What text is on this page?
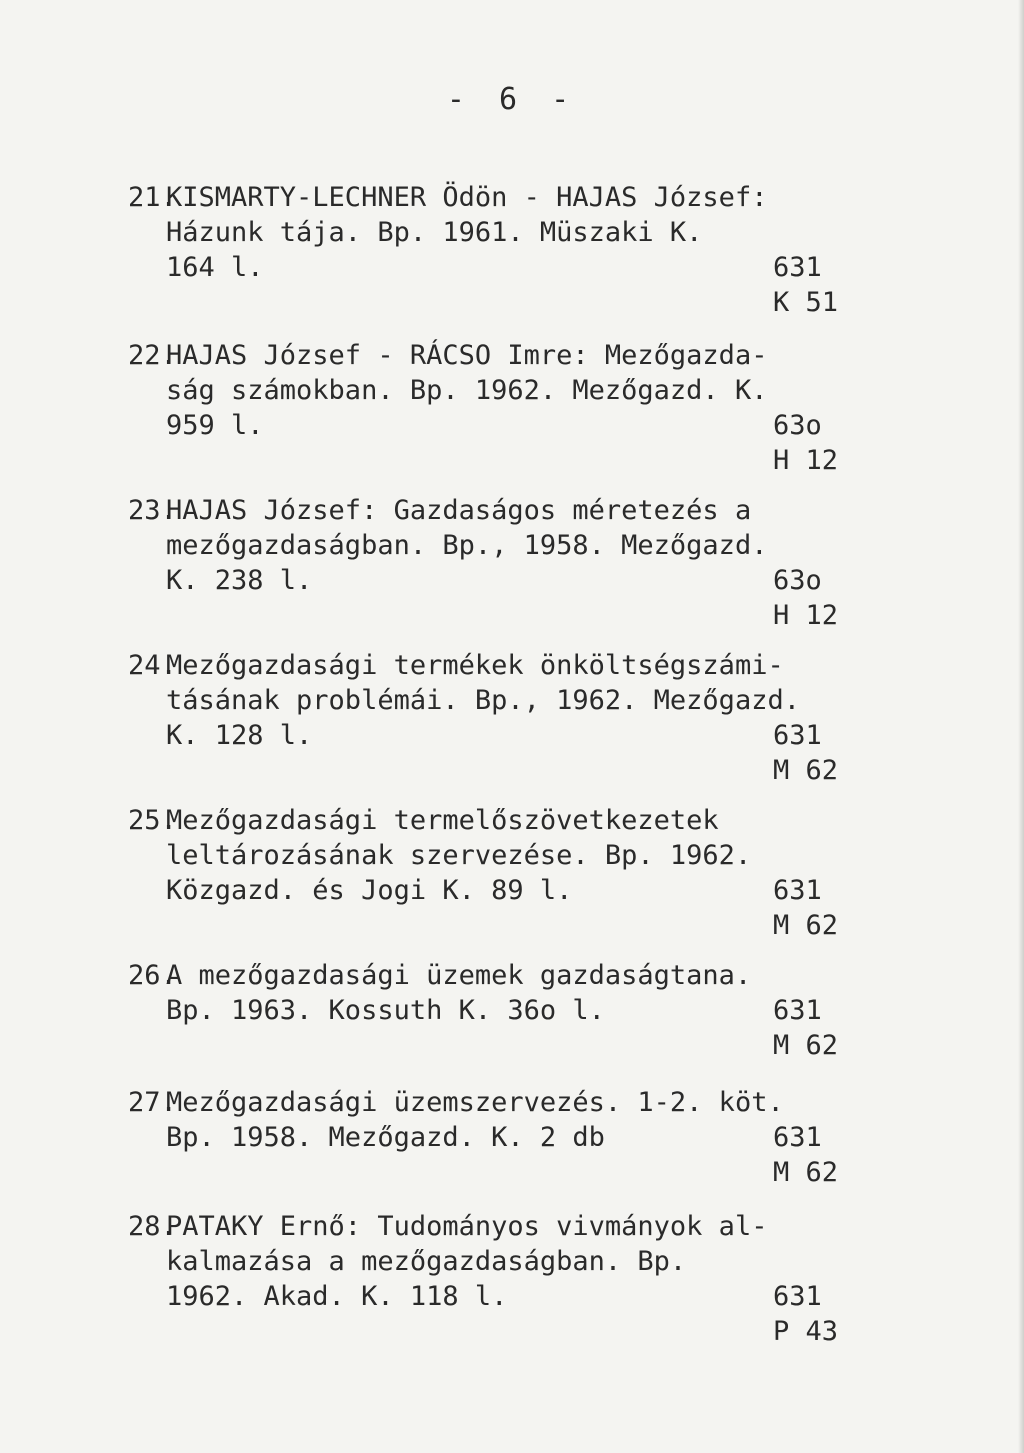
- 6 -
21.
KISMARTY-LECHNER Ödön - HAJAS József:
Házunk tája. Bp. 1961. Müszaki K.
164 l.	631
K 51
22.
HAJAS József - RÁCSO Imre: Mezőgazda-
ság számokban. Bp. 1962. Mezőgazd. K.
959 l.	63o
H 12
23.
HAJAS József: Gazdaságos méretezés a
mezőgazdaságban. Bp., 1958. Mezőgazd.
K. 238 l.	63o
H 12
24.
Mezőgazdasági termékek önköltségszámi-
tásának problémái. Bp., 1962. Mezőgazd.
K. 128 l.	631
M 62
25.
Mezőgazdasági termelőszövetkezetek
leltározásának szervezése. Bp. 1962.
Közgazd. és Jogi K. 89 l.	631
M 62
26.
A mezőgazdasági üzemek gazdaságtana.
Bp. 1963. Kossuth K. 36o l.	631
M 62
27.
Mezőgazdasági üzemszervezés. 1-2. köt.
Bp. 1958. Mezőgazd. K. 2 db	631
M 62
28.
PATAKY Ernő: Tudományos vivmányok al-
kalmazása a mezőgazdaságban. Bp.
1962. Akad. K. 118 l.	631
P 43
